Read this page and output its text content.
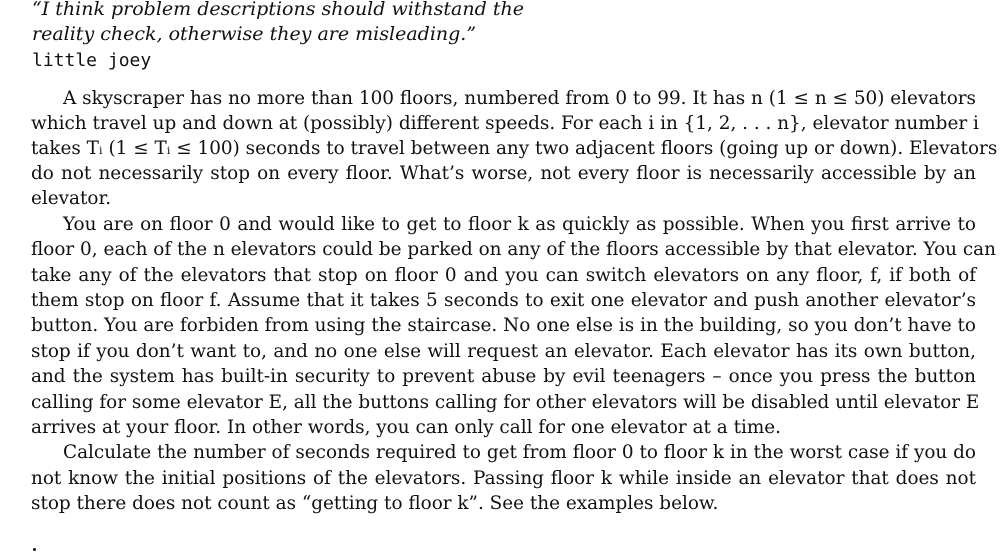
“I think problem descriptions should withstand the
reality check, otherwise they are misleading.”
little joey
A skyscraper has no more than 100 floors, numbered from 0 to 99. It has n (1 ≤ n ≤ 50) elevators
which travel up and down at (possibly) different speeds. For each i in {1, 2, . . . n}, elevator number i
takes Tᵢ (1 ≤ Tᵢ ≤ 100) seconds to travel between any two adjacent floors (going up or down). Elevators
do not necessarily stop on every floor. What’s worse, not every floor is necessarily accessible by an
elevator.
You are on floor 0 and would like to get to floor k as quickly as possible. When you first arrive to
floor 0, each of the n elevators could be parked on any of the floors accessible by that elevator. You can
take any of the elevators that stop on floor 0 and you can switch elevators on any floor, f, if both of
them stop on floor f. Assume that it takes 5 seconds to exit one elevator and push another elevator’s
button. You are forbiden from using the staircase. No one else is in the building, so you don’t have to
stop if you don’t want to, and no one else will request an elevator. Each elevator has its own button,
and the system has built-in security to prevent abuse by evil teenagers – once you press the button
calling for some elevator E, all the buttons calling for other elevators will be disabled until elevator E
arrives at your floor. In other words, you can only call for one elevator at a time.
Calculate the number of seconds required to get from floor 0 to floor k in the worst case if you do
not know the initial positions of the elevators. Passing floor k while inside an elevator that does not
stop there does not count as “getting to floor k”. See the examples below.
